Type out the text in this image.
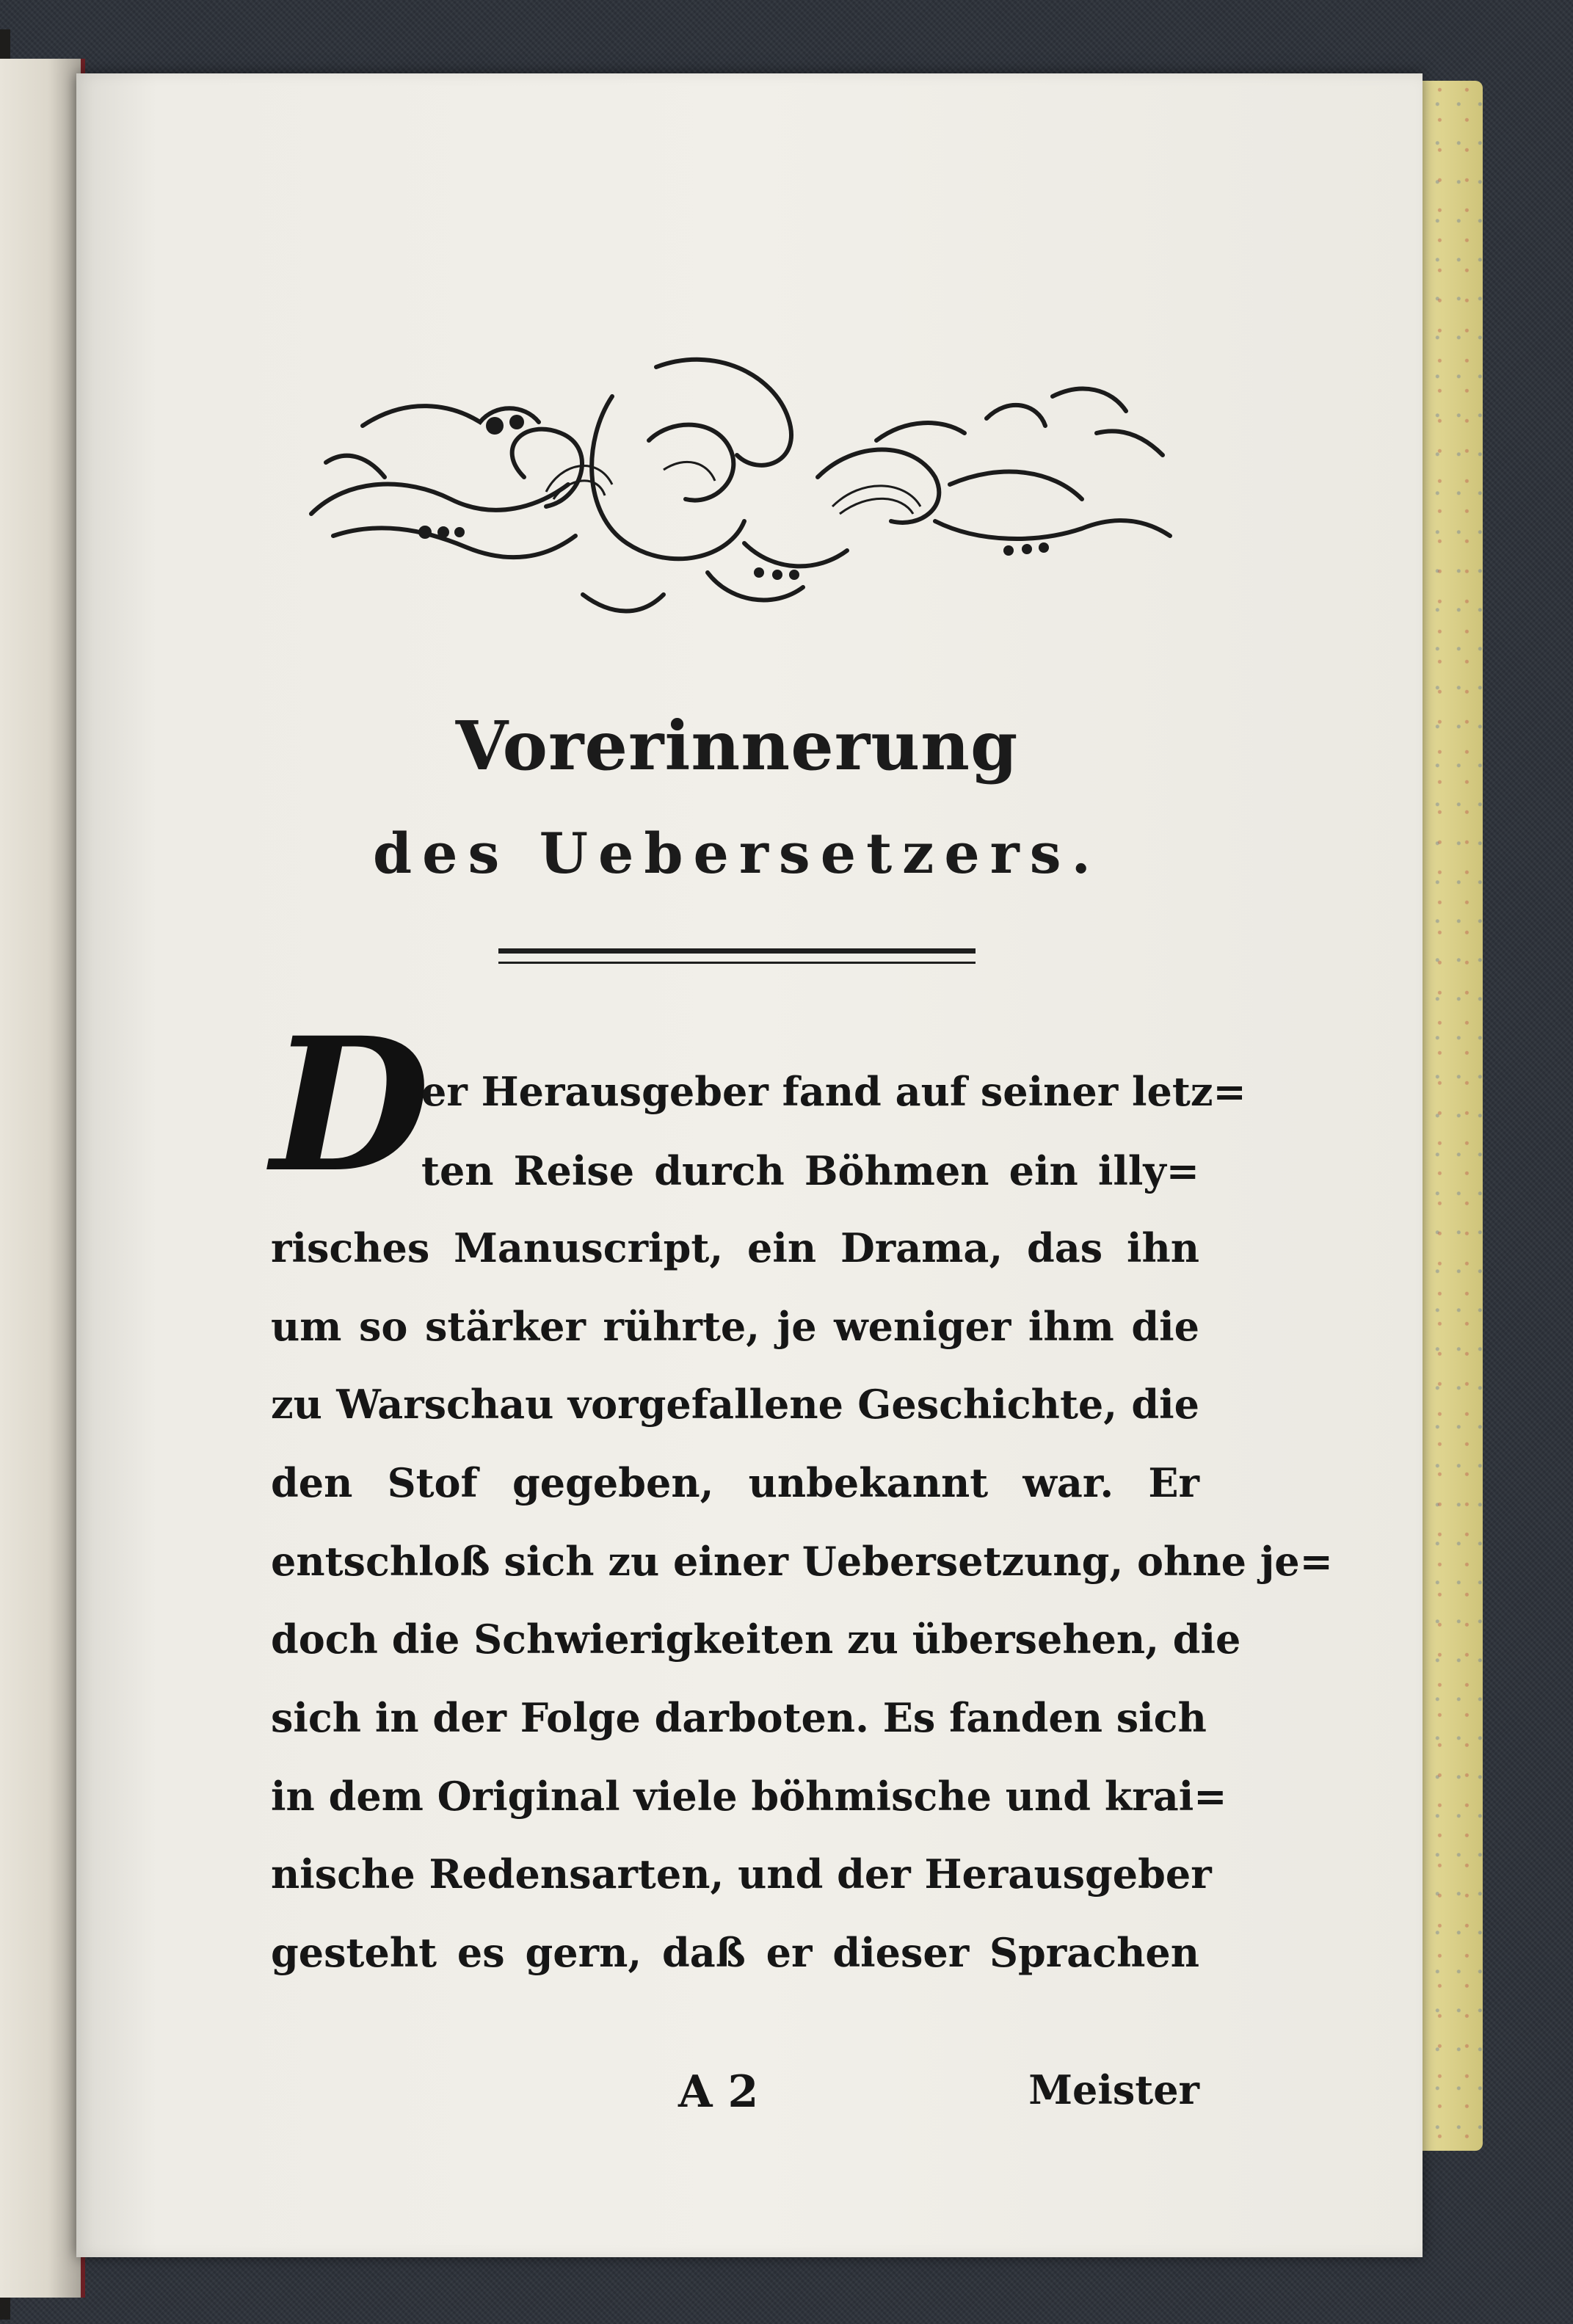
Vorerinnerung
des Uebersetzers.
D
er Herausgeber fand auf seiner letz=
ten Reise durch Böhmen ein illy=
risches Manuscript, ein Drama, das ihn
um so stärker rührte, je weniger ihm die
zu Warschau vorgefallene Geschichte, die
den Stof gegeben, unbekannt war. Er
entschloß sich zu einer Uebersetzung, ohne je=
doch die Schwierigkeiten zu übersehen, die
sich in der Folge darboten. Es fanden sich
in dem Original viele böhmische und krai=
nische Redensarten, und der Herausgeber
gesteht es gern, daß er dieser Sprachen
A 2	Meister
